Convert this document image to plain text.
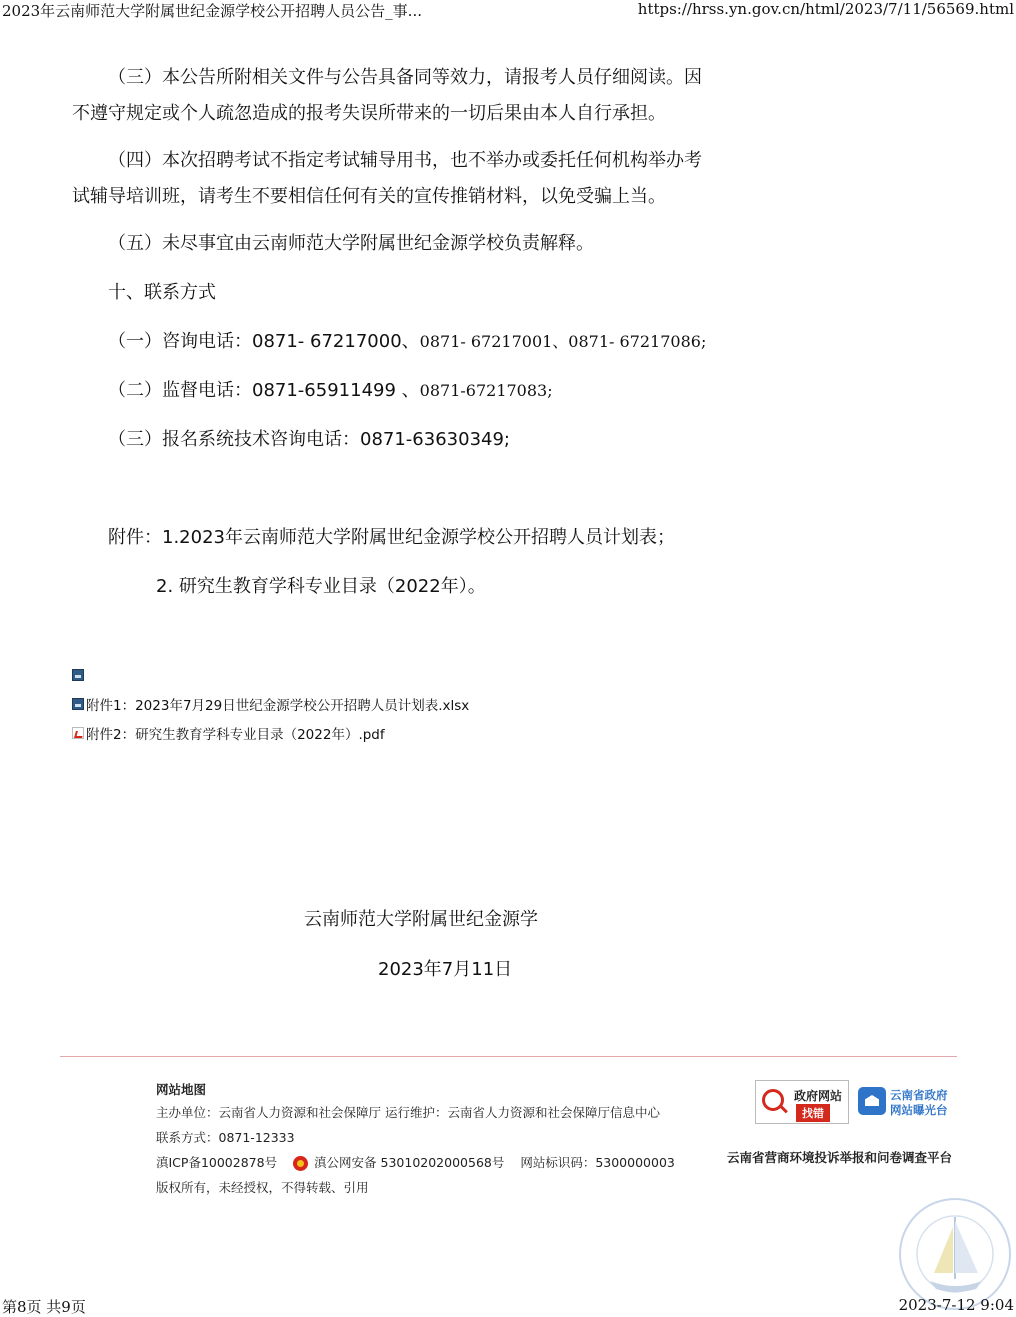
2023年云南师范大学附属世纪金源学校公开招聘人员公告_事...	https://hrss.yn.gov.cn/html/2023/7/11/56569.html
（三）本公告所附相关文件与公告具备同等效力，请报考人员仔细阅读。因
不遵守规定或个人疏忽造成的报考失误所带来的一切后果由本人自行承担。
（四）本次招聘考试不指定考试辅导用书，也不举办或委托任何机构举办考
试辅导培训班，请考生不要相信任何有关的宣传推销材料，以免受骗上当。
（五）未尽事宜由云南师范大学附属世纪金源学校负责解释。
十、联系方式
（一）咨询电话：0871- 67217000、0871- 67217001、0871- 67217086;
（二）监督电话：0871-65911499 、0871-67217083;
（三）报名系统技术咨询电话：0871-63630349;
附件：1.2023年云南师范大学附属世纪金源学校公开招聘人员计划表；
2. 研究生教育学科专业目录（2022年）。
附件1：2023年7月29日世纪金源学校公开招聘人员计划表.xlsx
附件2：研究生教育学科专业目录（2022年）.pdf
云南师范大学附属世纪金源学
2023年7月11日
网站地图
主办单位：云南省人力资源和社会保障厅 运行维护：云南省人力资源和社会保障厅信息中心
联系方式：0871-12333
滇ICP备10002878号	滇公网安备 53010202000568号 网站标识码：5300000003
版权所有，未经授权，不得转载、引用
政府网站
找错
云南省政府
网站曝光台
云南省营商环境投诉举报和问卷调查平台
第8页 共9页	2023-7-12 9:04
